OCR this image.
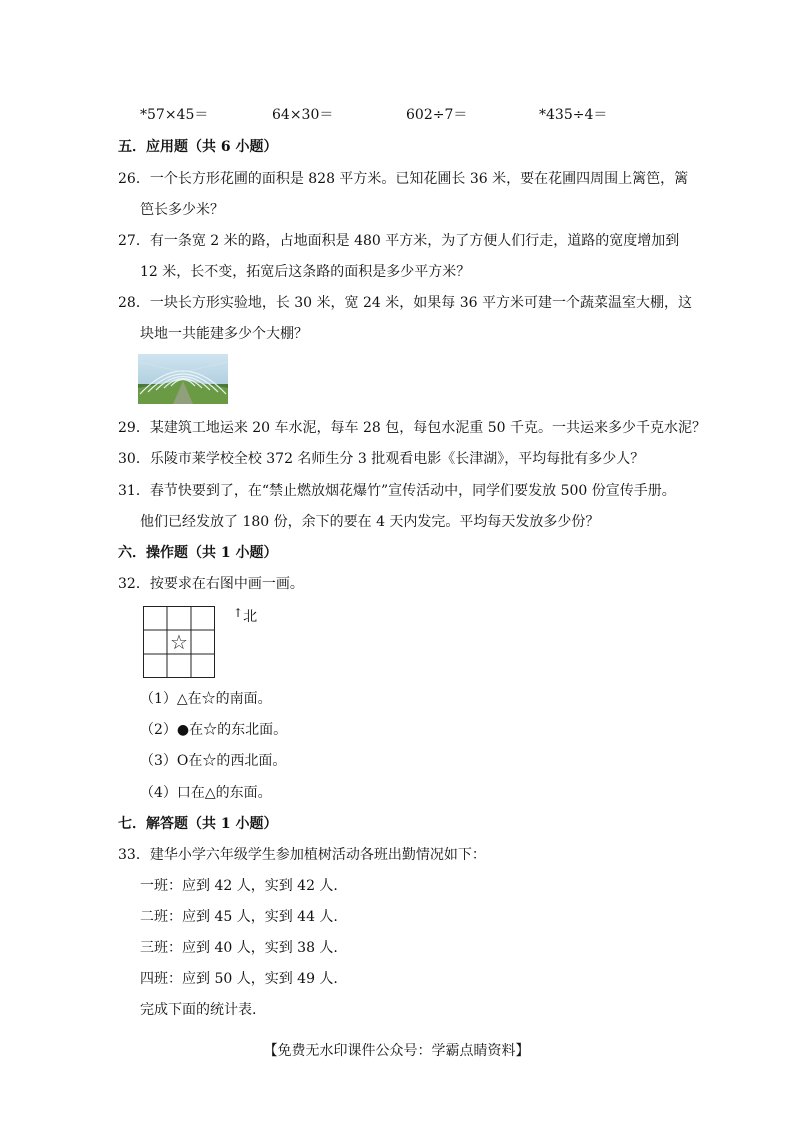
*57×45＝	64×30＝	602÷7＝	*435÷4＝
五．应用题（共 6 小题）
26．一个长方形花圃的面积是 828 平方米。已知花圃长 36 米，要在花圃四周围上篱笆，篱
笆长多少米？
27．有一条宽 2 米的路，占地面积是 480 平方米，为了方便人们行走，道路的宽度增加到
12 米，长不变，拓宽后这条路的面积是多少平方米？
28．一块长方形实验地，长 30 米，宽 24 米，如果每 36 平方米可建一个蔬菜温室大棚，这
块地一共能建多少个大棚？
29．某建筑工地运来 20 车水泥，每车 28 包，每包水泥重 50 千克。一共运来多少千克水泥？
30．乐陵市莱学校全校 372 名师生分 3 批观看电影《长津湖》，平均每批有多少人？
31．春节快要到了，在“禁止燃放烟花爆竹”宣传活动中，同学们要发放 500 份宣传手册。
他们已经发放了 180 份，余下的要在 4 天内发完。平均每天发放多少份？
六．操作题（共 1 小题）
32．按要求在右图中画一画。
☆
↑北
（1）△在☆的南面。
（2）●在☆的东北面。
（3）O在☆的西北面。
（4）口在△的东面。
七．解答题（共 1 小题）
33．建华小学六年级学生参加植树活动各班出勤情况如下：
一班：应到 42 人，实到 42 人.
二班：应到 45 人，实到 44 人.
三班：应到 40 人，实到 38 人.
四班：应到 50 人，实到 49 人.
完成下面的统计表.
【免费无水印课件公众号：学霸点睛资料】
